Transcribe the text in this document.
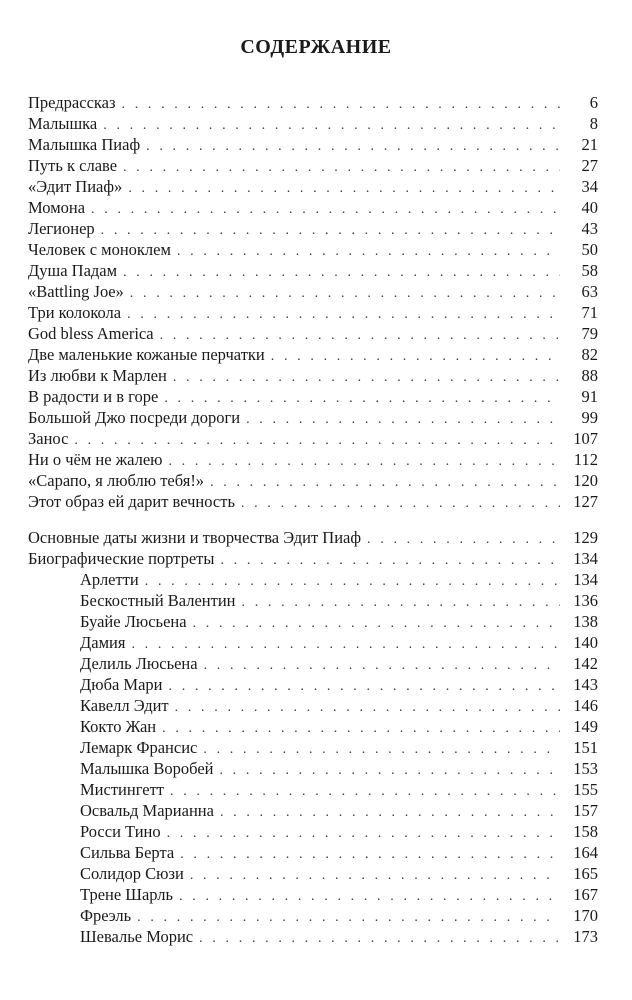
СОДЕРЖАНИЕ
Предрассказ . . .	6
Малышка . . .	8
Малышка Пиаф . . .	21
Путь к славе . . .	27
«Эдит Пиаф» . . .	34
Момона . . .	40
Легионер . . .	43
Человек с моноклем . . .	50
Душа Падам . . .	58
«Battling Joe» . . .	63
Три колокола . . .	71
God bless America . . .	79
Две маленькие кожаные перчатки . . .	82
Из любви к Марлен . . .	88
В радости и в горе . . .	91
Большой Джо посреди дороги . . .	99
Занос . . .	107
Ни о чём не жалею . . .	112
«Сарапо, я люблю тебя!» . . .	120
Этот образ ей дарит вечность . . .	127
Основные даты жизни и творчества Эдит Пиаф . . .	129
Биографические портреты . . .	134
Арлетти . . .	134
Бескостный Валентин . . .	136
Буайе Люсьена . . .	138
Дамия . . .	140
Делиль Люсьена . . .	142
Дюба Мари . . .	143
Кавелл Эдит . . .	146
Кокто Жан . . .	149
Лемарк Франсис . . .	151
Малышка Воробей . . .	153
Мистингетт . . .	155
Освальд Марианна . . .	157
Росси Тино . . .	158
Сильва Берта . . .	164
Солидор Сюзи . . .	165
Трене Шарль . . .	167
Фреэль . . .	170
Шевалье Морис . . .	173
